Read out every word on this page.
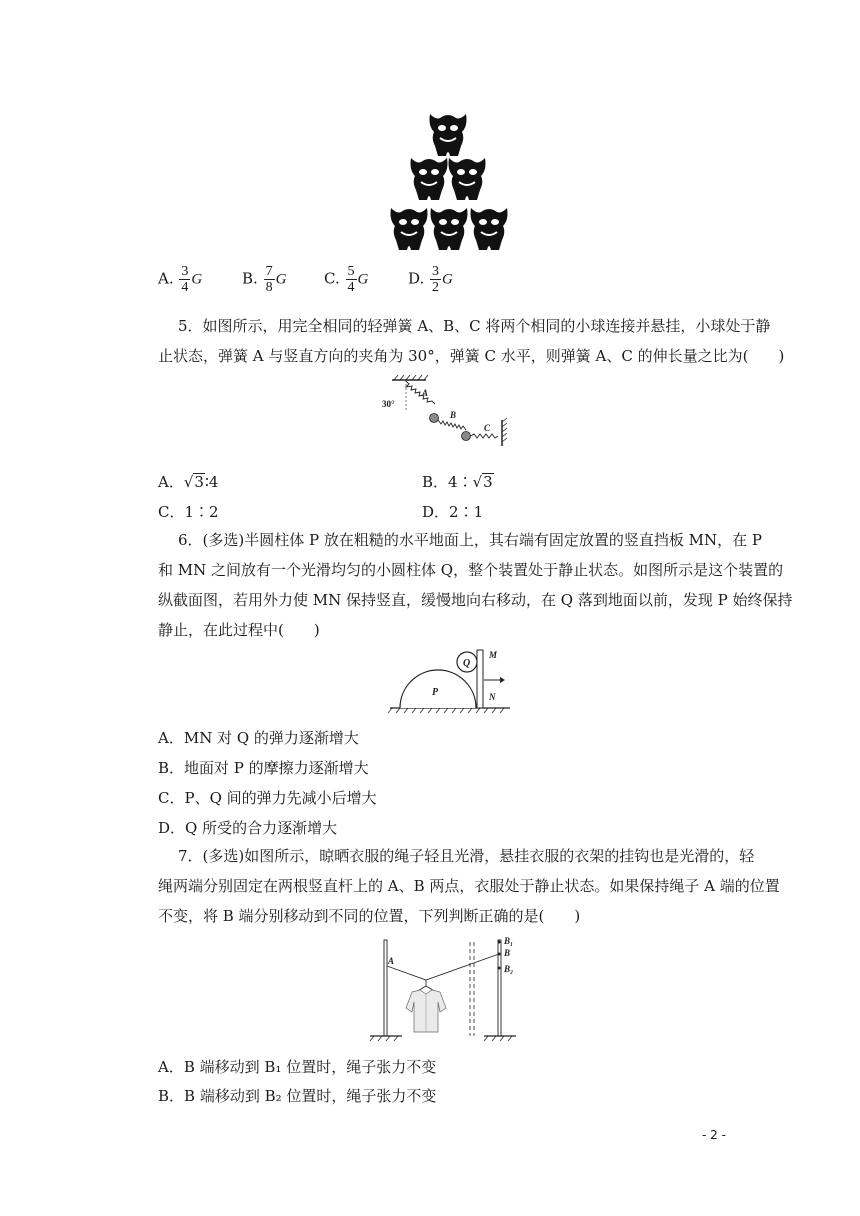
A. $\frac{3}{4}$ G	B. $\frac{7}{8}$ G	C. $\frac{5}{4}$ G	D. $\frac{3}{2}$ G
5．如图所示，用完全相同的轻弹簧 A、B、C 将两个相同的小球连接并悬挂，小球处于静
止状态，弹簧 A 与竖直方向的夹角为 30°，弹簧 C 水平，则弹簧 A、C 的伸长量之比为(　　)
30°
A
B
C
A．√3∶4	B．4∶√3
C．1∶2	D．2∶1
6．(多选)半圆柱体 P 放在粗糙的水平地面上，其右端有固定放置的竖直挡板 MN，在 P
和 MN 之间放有一个光滑均匀的小圆柱体 Q，整个装置处于静止状态。如图所示是这个装置的
纵截面图，若用外力使 MN 保持竖直，缓慢地向右移动，在 Q 落到地面以前，发现 P 始终保持
静止，在此过程中(　　)
P
Q
M
N
A．MN 对 Q 的弹力逐渐增大
B．地面对 P 的摩擦力逐渐增大
C．P、Q 间的弹力先减小后增大
D．Q 所受的合力逐渐增大
7．(多选)如图所示，晾晒衣服的绳子轻且光滑，悬挂衣服的衣架的挂钩也是光滑的，轻
绳两端分别固定在两根竖直杆上的 A、B 两点，衣服处于静止状态。如果保持绳子 A 端的位置
不变，将 B 端分别移动到不同的位置，下列判断正确的是(　　)
A
B₁
B
B₂
A．B 端移动到 B₁ 位置时，绳子张力不变
B．B 端移动到 B₂ 位置时，绳子张力不变
- 2 -
